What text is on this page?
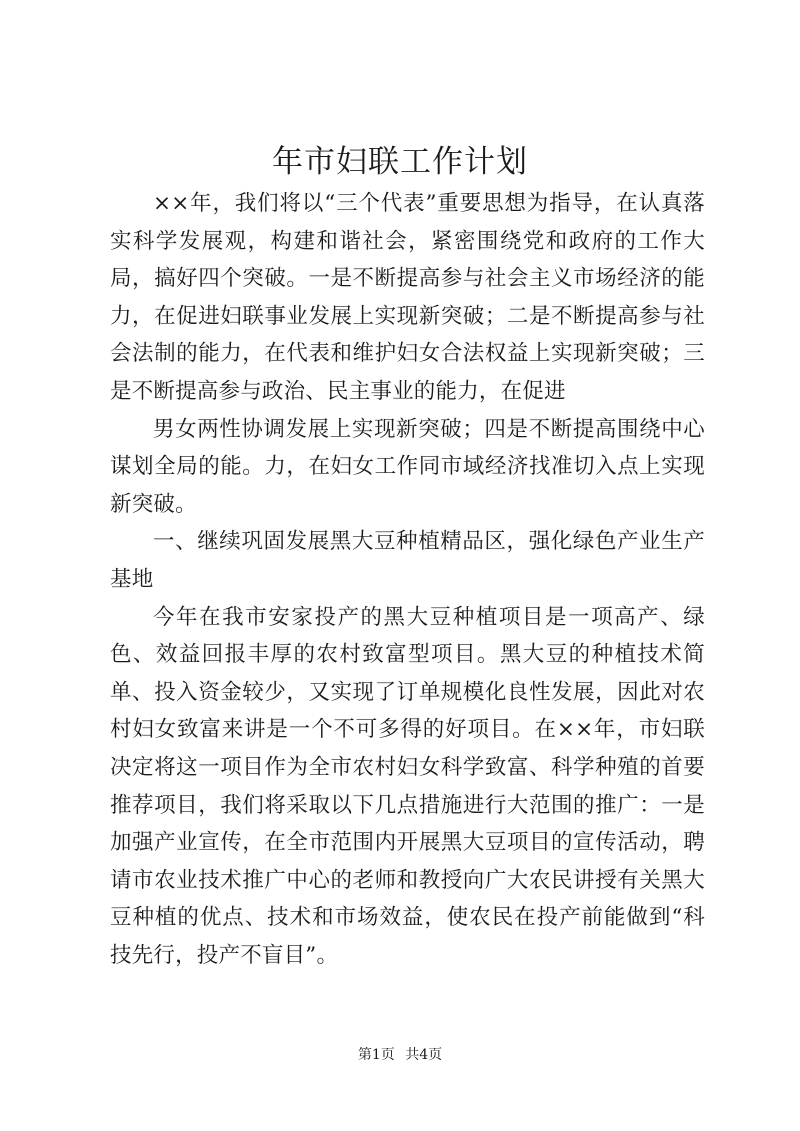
年市妇联工作计划

××年，我们将以“三个代表”重要思想为指导，在认真落实科学发展观，构建和谐社会，紧密围绕党和政府的工作大局，搞好四个突破。一是不断提高参与社会主义市场经济的能力，在促进妇联事业发展上实现新突破；二是不断提高参与社会法制的能力，在代表和维护妇女合法权益上实现新突破；三是不断提高参与政治、民主事业的能力，在促进

男女两性协调发展上实现新突破；四是不断提高围绕中心谋划全局的能。力，在妇女工作同市域经济找准切入点上实现新突破。

一、继续巩固发展黑大豆种植精品区，强化绿色产业生产基地

今年在我市安家投产的黑大豆种植项目是一项高产、绿色、效益回报丰厚的农村致富型项目。黑大豆的种植技术简单、投入资金较少，又实现了订单规模化良性发展，因此对农村妇女致富来讲是一个不可多得的好项目。在××年，市妇联决定将这一项目作为全市农村妇女科学致富、科学种殖的首要推荐项目，我们将采取以下几点措施进行大范围的推广：一是加强产业宣传，在全市范围内开展黑大豆项目的宣传活动，聘请市农业技术推广中心的老师和教授向广大农民讲授有关黑大豆种植的优点、技术和市场效益，使农民在投产前能做到“科技先行，投产不盲目”。

第1页 共4页
